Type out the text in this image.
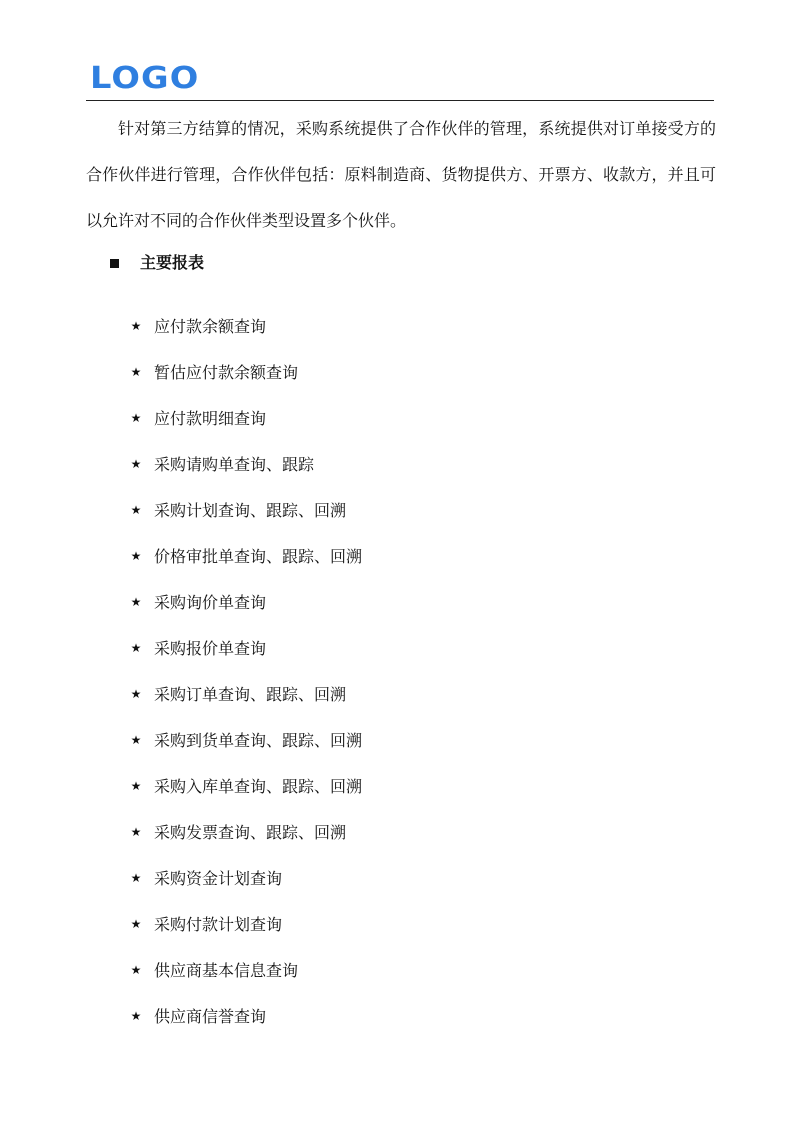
LOGO

针对第三方结算的情况，采购系统提供了合作伙伴的管理，系统提供对订单接受方的合作伙伴进行管理，合作伙伴包括：原料制造商、货物提供方、开票方、收款方，并且可以允许对不同的合作伙伴类型设置多个伙伴。

主要报表
★ 应付款余额查询
★ 暂估应付款余额查询
★ 应付款明细查询
★ 采购请购单查询、跟踪
★ 采购计划查询、跟踪、回溯
★ 价格审批单查询、跟踪、回溯
★ 采购询价单查询
★ 采购报价单查询
★ 采购订单查询、跟踪、回溯
★ 采购到货单查询、跟踪、回溯
★ 采购入库单查询、跟踪、回溯
★ 采购发票查询、跟踪、回溯
★ 采购资金计划查询
★ 采购付款计划查询
★ 供应商基本信息查询
★ 供应商信誉查询
